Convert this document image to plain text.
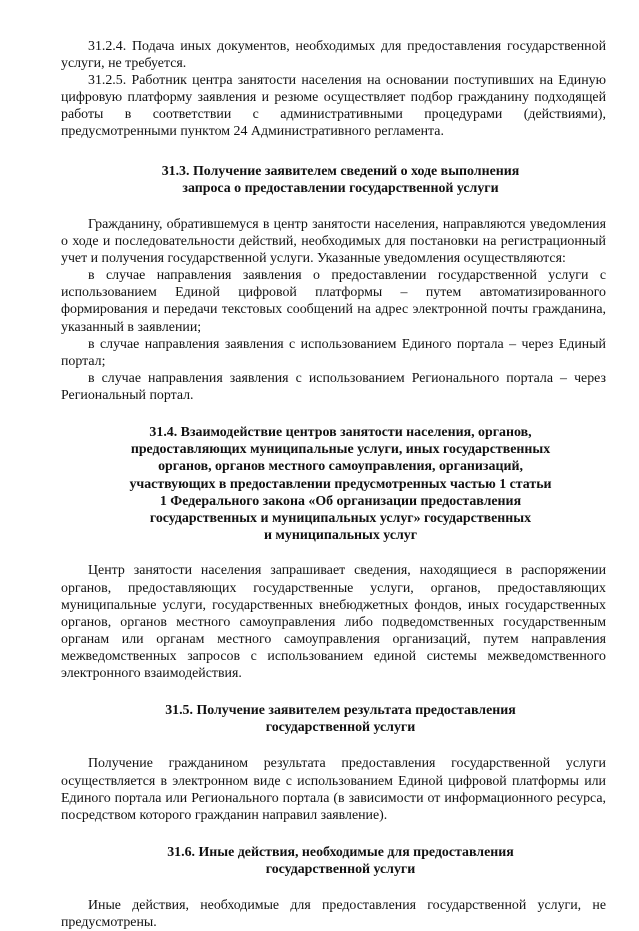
31.2.4. Подача иных документов, необходимых для предоставления государственной услуги, не требуется.

31.2.5. Работник центра занятости населения на основании поступивших на Единую цифровую платформу заявления и резюме осуществляет подбор гражданину подходящей работы в соответствии с административными процедурами (действиями), предусмотренными пунктом 24 Административного регламента.

31.3. Получение заявителем сведений о ходе выполнения
запроса о предоставлении государственной услуги

Гражданину, обратившемуся в центр занятости населения, направляются уведомления о ходе и последовательности действий, необходимых для постановки на регистрационный учет и получения государственной услуги. Указанные уведомления осуществляются:

в случае направления заявления о предоставлении государственной услуги с использованием Единой цифровой платформы – путем автоматизированного формирования и передачи текстовых сообщений на адрес электронной почты гражданина, указанный в заявлении;

в случае направления заявления с использованием Единого портала – через Единый портал;

в случае направления заявления с использованием Регионального портала – через Региональный портал.

31.4. Взаимодействие центров занятости населения, органов,
предоставляющих муниципальные услуги, иных государственных
органов, органов местного самоуправления, организаций,
участвующих в предоставлении предусмотренных частью 1 статьи
1 Федерального закона «Об организации предоставления
государственных и муниципальных услуг» государственных
и муниципальных услуг

Центр занятости населения запрашивает сведения, находящиеся в распоряжении органов, предоставляющих государственные услуги, органов, предоставляющих муниципальные услуги, государственных внебюджетных фондов, иных государственных органов, органов местного самоуправления либо подведомственных государственным органам или органам местного самоуправления организаций, путем направления межведомственных запросов с использованием единой системы межведомственного электронного взаимодействия.

31.5. Получение заявителем результата предоставления
государственной услуги

Получение гражданином результата предоставления государственной услуги осуществляется в электронном виде с использованием Единой цифровой платформы или Единого портала или Регионального портала (в зависимости от информационного ресурса, посредством которого гражданин направил заявление).

31.6. Иные действия, необходимые для предоставления
государственной услуги

Иные действия, необходимые для предоставления государственной услуги, не предусмотрены.
